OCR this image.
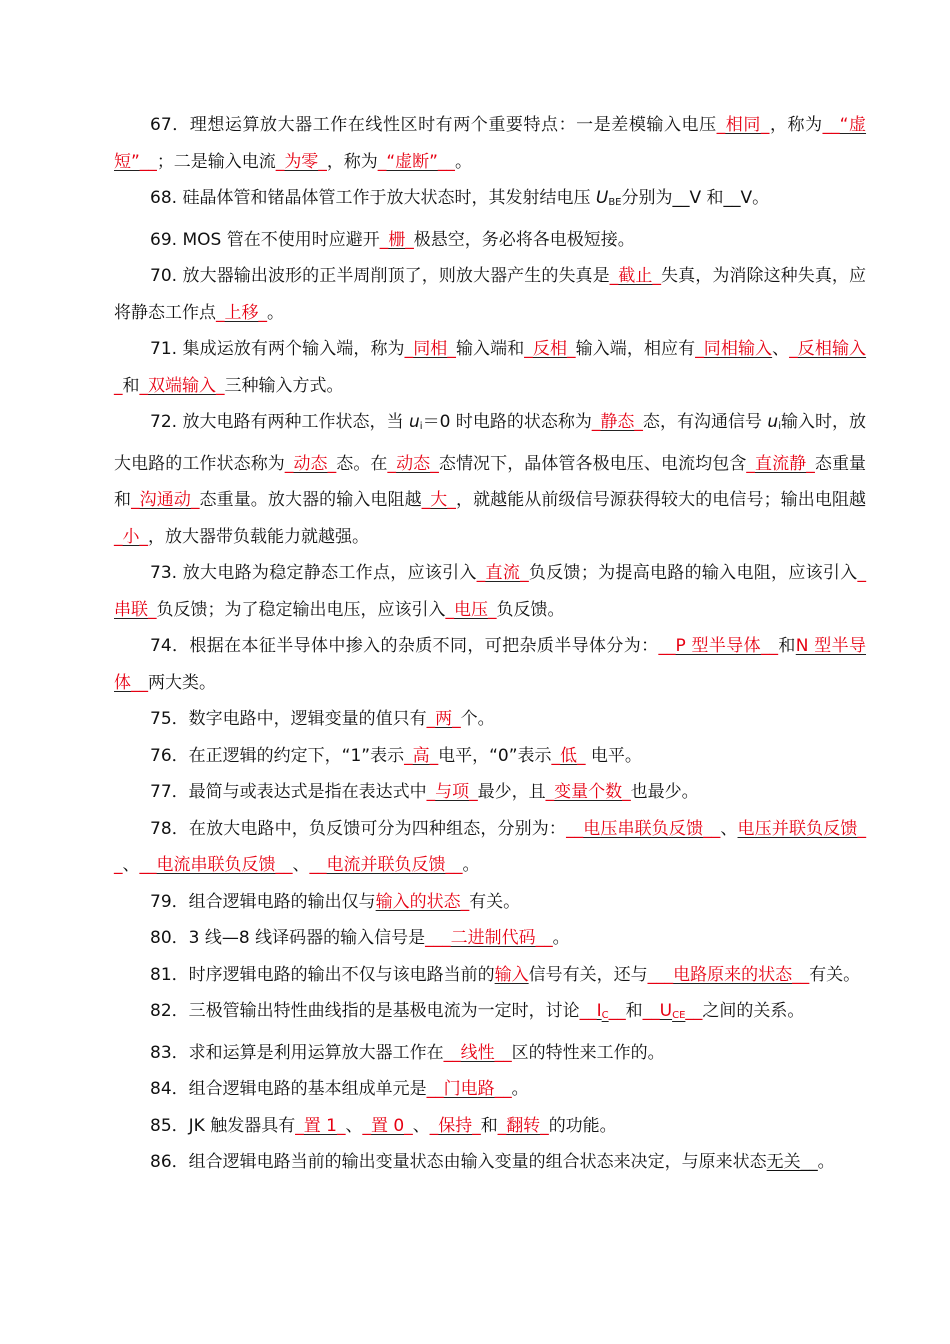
67．理想运算放大器工作在线性区时有两个重要特点：一是差模输入电压_相同_，称为__“虚短”__；二是输入电流_为零_，称为_“虚断”__。

68. 硅晶体管和锗晶体管工作于放大状态时，其发射结电压 $U_{BE}$分别为__V 和__V。

69. MOS 管在不使用时应避开_栅_极悬空，务必将各电极短接。

70. 放大器输出波形的正半周削顶了，则放大器产生的失真是_截止_失真，为消除这种失真，应将静态工作点_上移_。

71. 集成运放有两个输入端，称为_同相_输入端和_反相_输入端，相应有_同相输入、_反相输入_和_双端输入_三种输入方式。

72. 放大电路有两种工作状态，当 $u_i=0$ 时电路的状态称为_静态_态，有沟通信号 $u_i$输入时，放大电路的工作状态称为_动态_态。在_动态_态情况下，晶体管各极电压、电流均包含_直流静_态重量和_沟通动_态重量。放大器的输入电阻越_大_，就越能从前级信号源获得较大的电信号；输出电阻越_小_，放大器带负载能力就越强。

73. 放大电路为稳定静态工作点，应该引入_直流_负反馈；为提高电路的输入电阻，应该引入_串联_负反馈；为了稳定输出电压，应该引入_电压_负反馈。

74．根据在本征半导体中掺入的杂质不同，可把杂质半导体分为：__P 型半导体__和N 型半导体__两大类。

75．数字电路中，逻辑变量的值只有_两_个。

76．在正逻辑的约定下，“1”表示_高_电平，“0”表示_低_ 电平。

77．最简与或表达式是指在表达式中_与项_最少，且_变量个数_也最少。

78．在放大电路中，负反馈可分为四种组态，分别为：__电压串联负反馈__、电压并联负反馈__、__电流串联负反馈__、__电流并联负反馈__。

79．组合逻辑电路的输出仅与输入的状态_有关。

80．3 线—8 线译码器的输入信号是___二进制代码__。

81．时序逻辑电路的输出不仅与该电路当前的输入信号有关，还与___电路原来的状态__有关。

82．三极管输出特性曲线指的是基极电流为一定时，讨论$\_\_I_C\_\_$和$\_\_U_{CE}\_\_$之间的关系。

83．求和运算是利用运算放大器工作在__线性__区的特性来工作的。

84．组合逻辑电路的基本组成单元是__门电路__。

85．JK 触发器具有_置 1_、_置 0_、_保持_和_翻转_的功能。

86．组合逻辑电路当前的输出变量状态由输入变量的组合状态来决定，与原来状态无关__。
